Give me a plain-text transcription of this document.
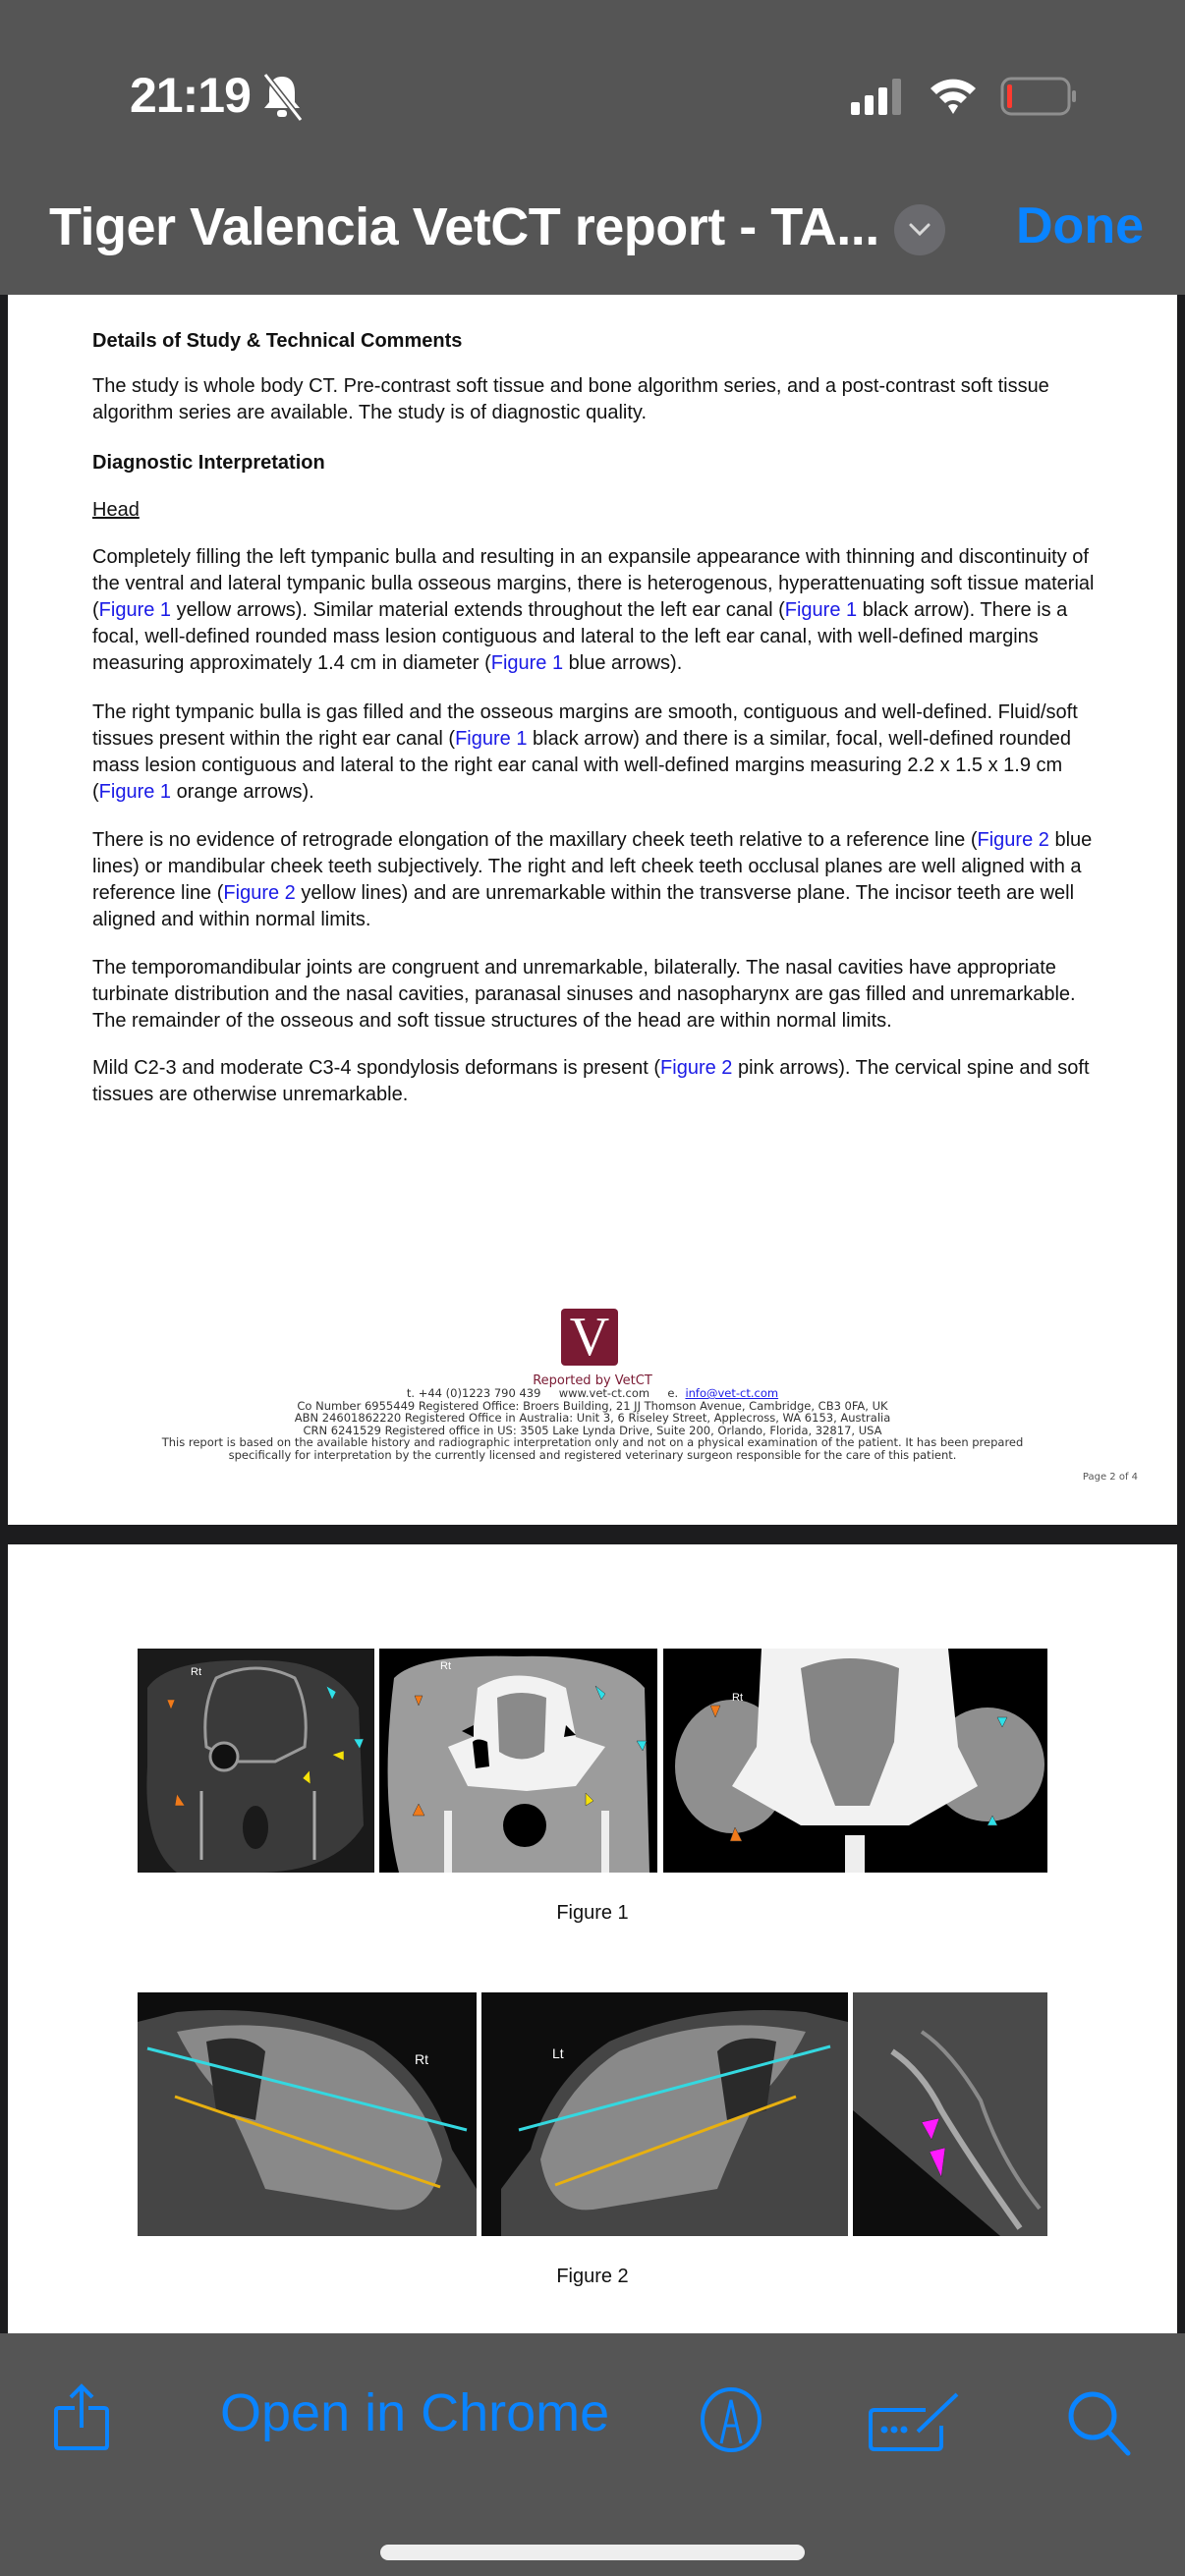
21:19
Tiger Valencia VetCT report - TA...	Done
Details of Study & Technical Comments
The study is whole body CT. Pre-contrast soft tissue and bone algorithm series, and a post-contrast soft tissue algorithm series are available. The study is of diagnostic quality.
Diagnostic Interpretation
Head
Completely filling the left tympanic bulla and resulting in an expansile appearance with thinning and discontinuity of the ventral and lateral tympanic bulla osseous margins, there is heterogenous, hyperattenuating soft tissue material (Figure 1 yellow arrows). Similar material extends throughout the left ear canal (Figure 1 black arrow). There is a focal, well-defined rounded mass lesion contiguous and lateral to the left ear canal, with well-defined margins measuring approximately 1.4 cm in diameter (Figure 1 blue arrows).
The right tympanic bulla is gas filled and the osseous margins are smooth, contiguous and well-defined. Fluid/soft tissues present within the right ear canal (Figure 1 black arrow) and there is a similar, focal, well-defined rounded mass lesion contiguous and lateral to the right ear canal with well-defined margins measuring 2.2 x 1.5 x 1.9 cm (Figure 1 orange arrows).
There is no evidence of retrograde elongation of the maxillary cheek teeth relative to a reference line (Figure 2 blue lines) or mandibular cheek teeth subjectively. The right and left cheek teeth occlusal planes are well aligned with a reference line (Figure 2 yellow lines) and are unremarkable within the transverse plane. The incisor teeth are well aligned and within normal limits.
The temporomandibular joints are congruent and unremarkable, bilaterally. The nasal cavities have appropriate turbinate distribution and the nasal cavities, paranasal sinuses and nasopharynx are gas filled and unremarkable. The remainder of the osseous and soft tissue structures of the head are within normal limits.
Mild C2-3 and moderate C3-4 spondylosis deformans is present (Figure 2 pink arrows). The cervical spine and soft tissues are otherwise unremarkable.
V
Reported by VetCT
t. +44 (0)1223 790 439 www.vet-ct.com e. info@vet-ct.com
Co Number 6955449 Registered Office: Broers Building, 21 JJ Thomson Avenue, Cambridge, CB3 0FA, UK
ABN 24601862220 Registered Office in Australia: Unit 3, 6 Riseley Street, Applecross, WA 6153, Australia
CRN 6241529 Registered office in US: 3505 Lake Lynda Drive, Suite 200, Orlando, Florida, 32817, USA
This report is based on the available history and radiographic interpretation only and not on a physical examination of the patient. It has been prepared
specifically for interpretation by the currently licensed and registered veterinary surgeon responsible for the care of this patient.
Page 2 of 4
Rt	Rt
Rt
Figure 1
Rt	Lt
Figure 2
Open in Chrome
